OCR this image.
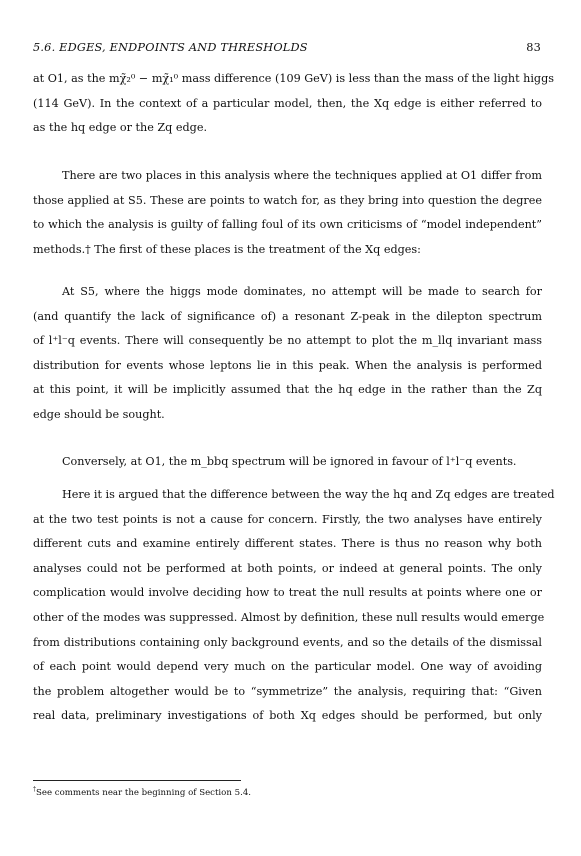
5.6. EDGES, ENDPOINTS AND THRESHOLDS	83
at O1, as the mχ̃₂⁰ − mχ̃₁⁰ mass difference (109 GeV) is less than the mass of the light higgs
(114 GeV). In the context of a particular model, then, the Xq edge is either referred to
as the hq edge or the Zq edge.
There are two places in this analysis where the techniques applied at O1 differ from
those applied at S5. These are points to watch for, as they bring into question the degree
to which the analysis is guilty of falling foul of its own criticisms of “model independent”
methods.† The first of these places is the treatment of the Xq edges:
At S5, where the higgs mode dominates, no attempt will be made to search for
(and quantify the lack of significance of) a resonant Z-peak in the dilepton spectrum
of l⁺l⁻q events. There will consequently be no attempt to plot the m_llq invariant mass
distribution for events whose leptons lie in this peak. When the analysis is performed
at this point, it will be implicitly assumed that the hq edge in the rather than the Zq
edge should be sought.
Conversely, at O1, the m_bbq spectrum will be ignored in favour of l⁺l⁻q events.
Here it is argued that the difference between the way the hq and Zq edges are treated
at the two test points is not a cause for concern. Firstly, the two analyses have entirely
different cuts and examine entirely different states. There is thus no reason why both
analyses could not be performed at both points, or indeed at general points. The only
complication would involve deciding how to treat the null results at points where one or
other of the modes was suppressed. Almost by definition, these null results would emerge
from distributions containing only background events, and so the details of the dismissal
of each point would depend very much on the particular model. One way of avoiding
the problem altogether would be to “symmetrize” the analysis, requiring that: “Given
real data, preliminary investigations of both Xq edges should be performed, but only
†See comments near the beginning of Section 5.4.
